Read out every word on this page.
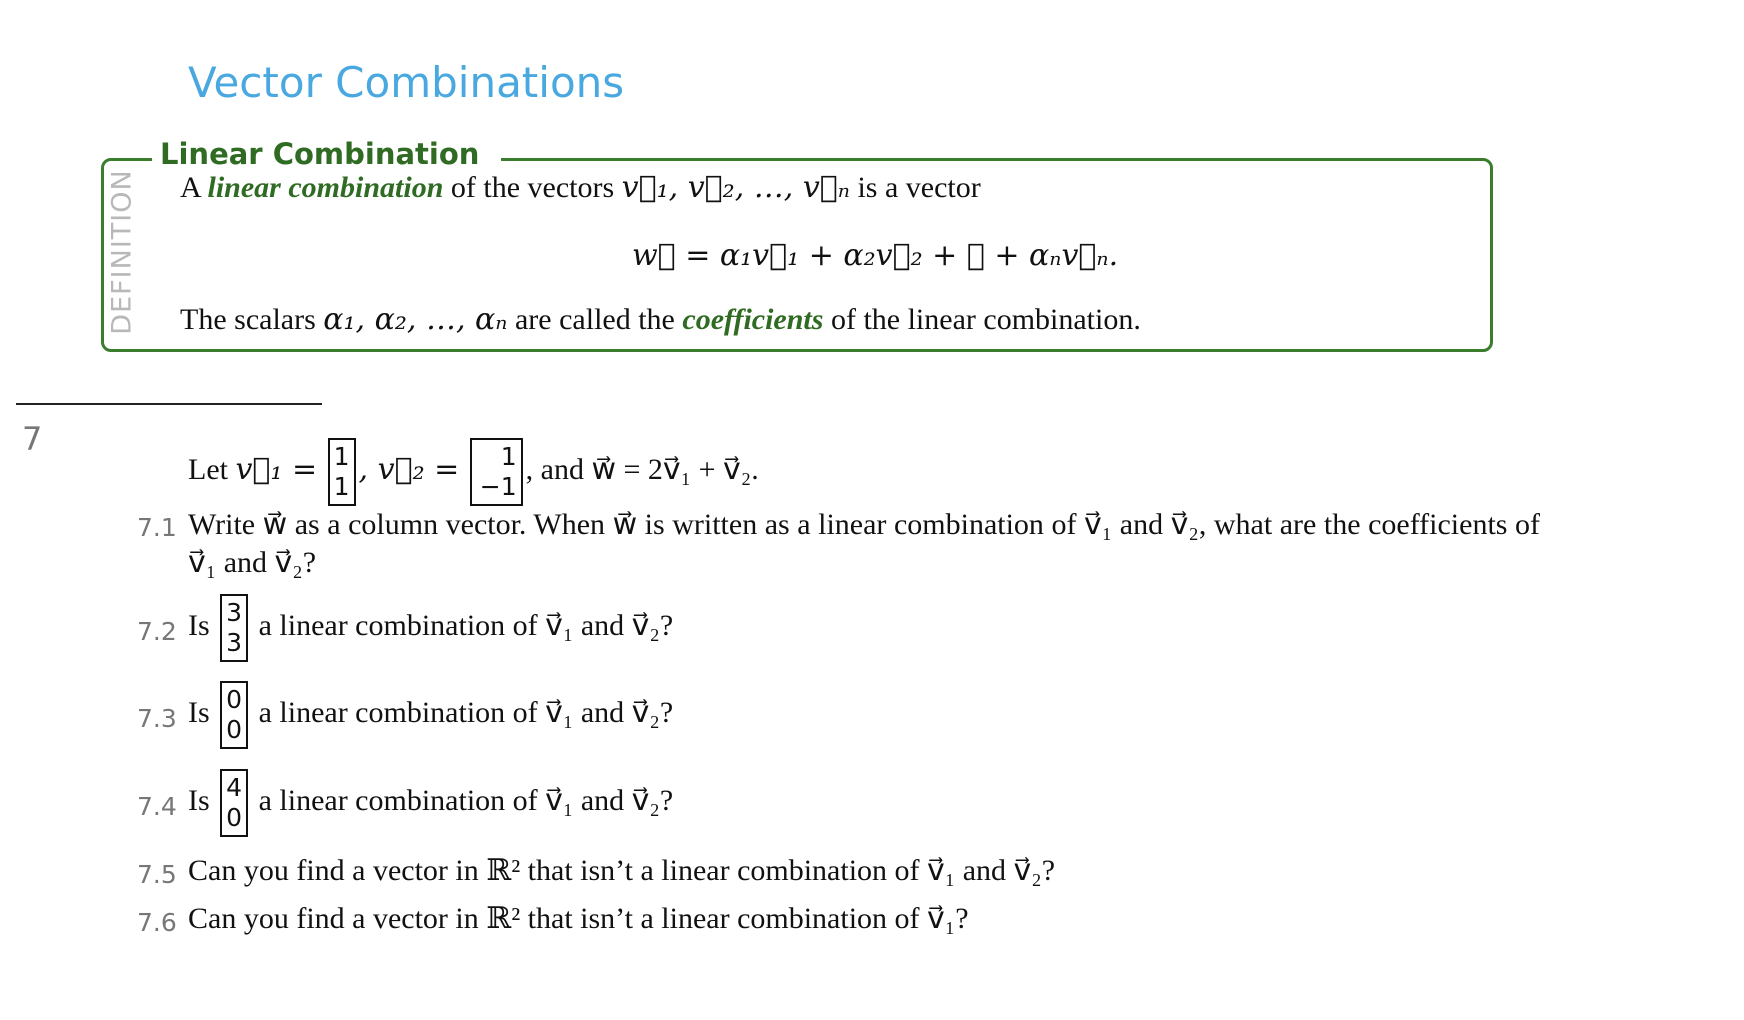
Vector Combinations
Linear Combination
DEFINITION A linear combination of the vectors v⃗₁, v⃗₂, …, v⃗ₙ is a vector
w⃗ = α₁v⃗₁ + α₂v⃗₂ + ⋯ + αₙv⃗ₙ.
The scalars α₁, α₂, …, αₙ are called the coefficients of the linear combination.
7
Let v⃗₁ = 1
1 , v⃗₂ =	1
−1
, and w⃗ = 2v⃗₁ + v⃗₂.
7.1 Write w⃗ as a column vector. When w⃗ is written as a linear combination of v⃗₁ and v⃗₂, what are the coefficients of v⃗₁ and v⃗₂?
7.2 Is 3
3
a linear combination of v⃗₁ and v⃗₂?
7.3 Is 0
0
a linear combination of v⃗₁ and v⃗₂?
7.4 Is 4
0
a linear combination of v⃗₁ and v⃗₂?
7.5 Can you find a vector in ℝ² that isn’t a linear combination of v⃗₁ and v⃗₂?
7.6 Can you find a vector in ℝ² that isn’t a linear combination of v⃗₁?
